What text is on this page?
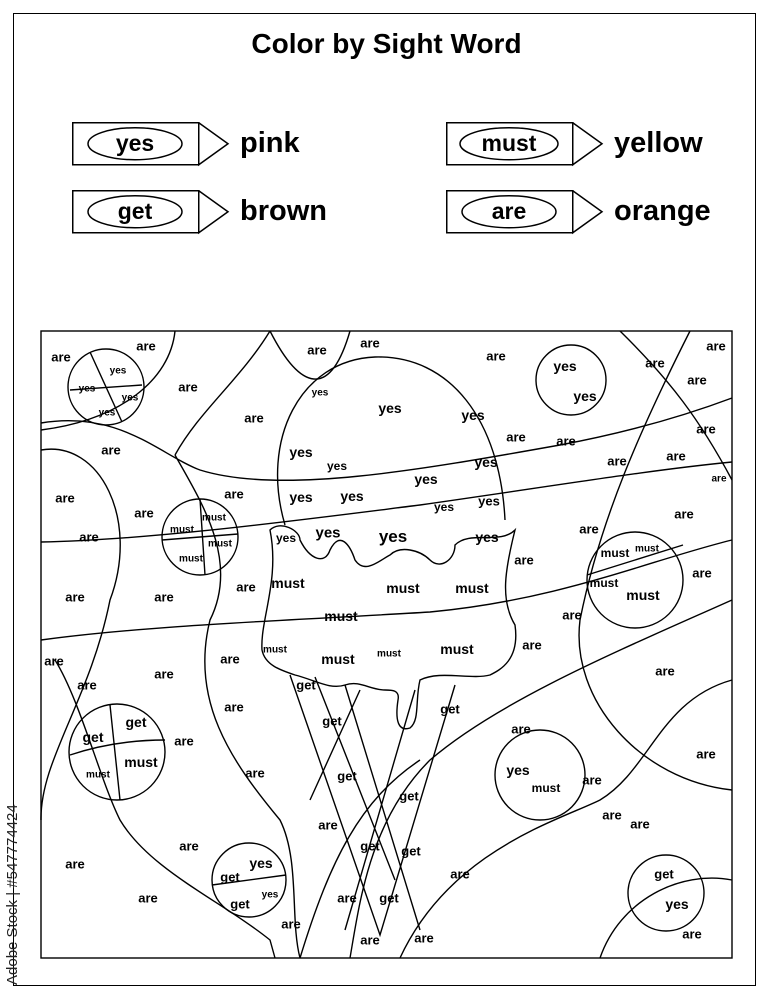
Color by Sight Word
yes	pink	must	yellow
get	brown	are	orange
are
are
yes
yes
yes
yes
are
are
are	are
are
yes
yes
are
are
are
yes
yes	yes
are are
are	are
are
are
are	yes
yes	yes
yes
are	are	yes yes
yes yes
are
must
must
must
must
are	yes yes yes	yes	are
are
are	must must
must
must
are
are	are
are must	must	must
must	are
are
are
are
are
must
must must	must	are
are
get
get
get
are
get
get	are
must
must
are
yes
must
are
are
are	get
get
are
are
are
are
are
get get
yes
get
yes
get
are	get
yes
are
are
are get
are	are	are
Adobe Stock | #547774424
